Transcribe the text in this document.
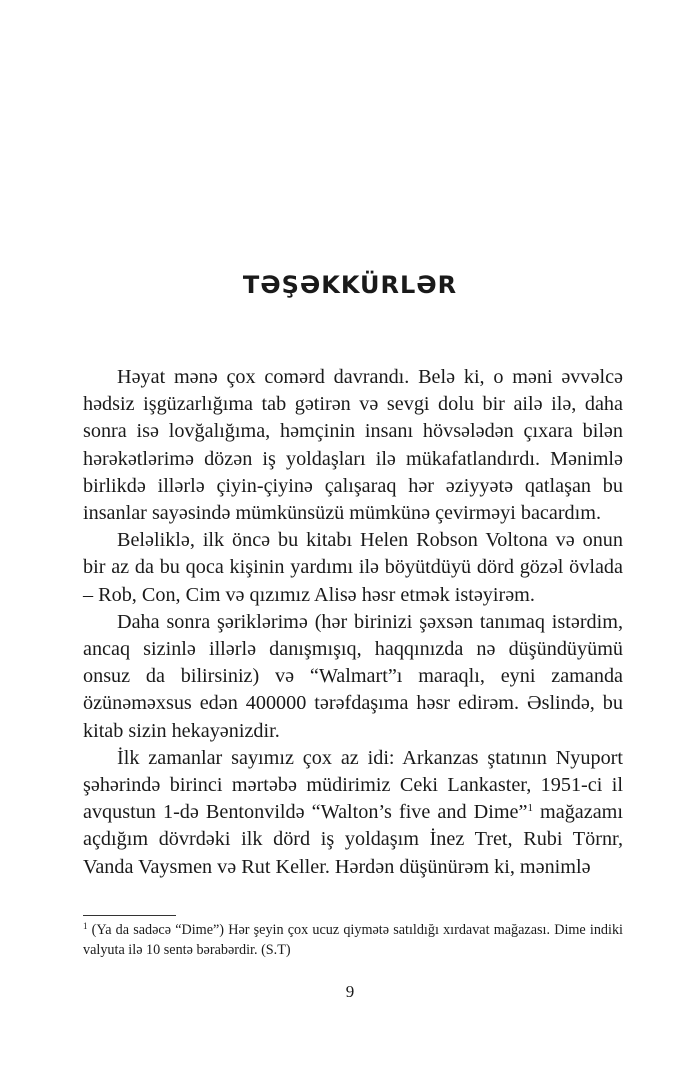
TƏŞƏKKÜRLƏR

Həyat mənə çox comərd davrandı. Belə ki, o məni əvvəlcə hədsiz işgüzarlığıma tab gətirən və sevgi dolu bir ailə ilə, daha sonra isə lovğalığıma, həmçinin insanı hövsələdən çıxara bilən hərəkətlərimə dözən iş yoldaşları ilə mükafatlandırdı. Mənimlə birlikdə illərlə çiyin-çiyinə çalışaraq hər əziyyətə qatlaşan bu insanlar sayəsində mümkünsüzü mümkünə çevirməyi bacardım.

Beləliklə, ilk öncə bu kitabı Helen Robson Voltona və onun bir az da bu qoca kişinin yardımı ilə böyütdüyü dörd gözəl övlada – Rob, Con, Cim və qızımız Alisə həsr etmək istəyirəm.

Daha sonra şəriklərimə (hər birinizi şəxsən tanımaq istərdim, ancaq sizinlə illərlə danışmışıq, haqqınızda nə düşündüyümü onsuz da bilirsiniz) və “Walmart”ı maraqlı, eyni zamanda özünəməxsus edən 400000 tərəfdaşıma həsr edirəm. Əslində, bu kitab sizin hekayənizdir.

İlk zamanlar sayımız çox az idi: Arkanzas ştatının Nyuport şəhərində birinci mərtəbə müdirimiz Ceki Lankaster, 1951-ci il avqustun 1-də Bentonvildə “Walton’s five and Dime”$^1$ mağazamı açdığım dövrdəki ilk dörd iş yoldaşım İnez Tret, Rubi Törnr, Vanda Vaysmen və Rut Keller. Hərdən düşünürəm ki, mənimlə

$^1$ (Ya da sadəcə “Dime”) Hər şeyin çox ucuz qiymətə satıldığı xırdavat mağazası. Dime indiki valyuta ilə 10 sentə bərabərdir. (S.T)
9
